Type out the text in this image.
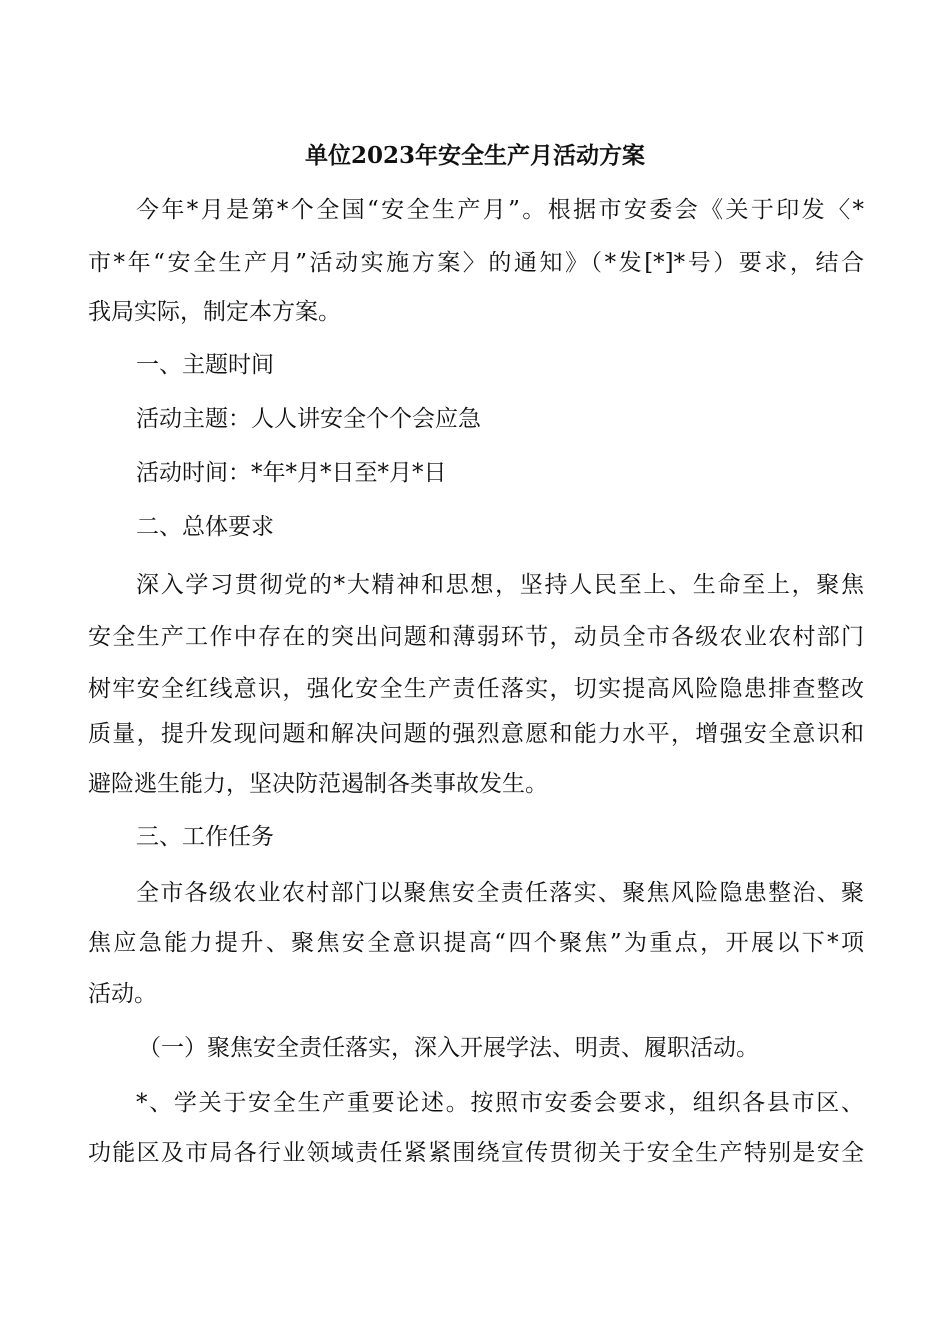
单位2023年安全生产月活动方案
今年*月是第*个全国“安全生产月”。根据市安委会《关于印发〈*
市*年“安全生产月”活动实施方案〉的通知》（*发[*]*号）要求，结合
我局实际，制定本方案。
一、主题时间
活动主题：人人讲安全个个会应急
活动时间：*年*月*日至*月*日
二、总体要求
深入学习贯彻党的*大精神和思想，坚持人民至上、生命至上，聚焦
安全生产工作中存在的突出问题和薄弱环节，动员全市各级农业农村部门
树牢安全红线意识，强化安全生产责任落实，切实提高风险隐患排查整改
质量，提升发现问题和解决问题的强烈意愿和能力水平，增强安全意识和
避险逃生能力，坚决防范遏制各类事故发生。
三、工作任务
全市各级农业农村部门以聚焦安全责任落实、聚焦风险隐患整治、聚
焦应急能力提升、聚焦安全意识提高“四个聚焦”为重点，开展以下*项
活动。
（一）聚焦安全责任落实，深入开展学法、明责、履职活动。
*、学关于安全生产重要论述。按照市安委会要求，组织各县市区、
功能区及市局各行业领域责任紧紧围绕宣传贯彻关于安全生产特别是安全
